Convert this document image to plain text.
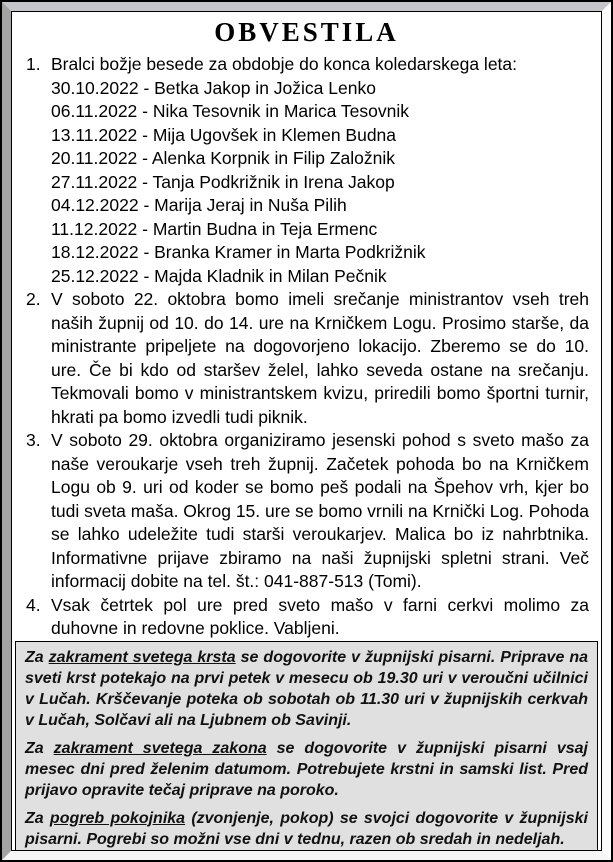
OBVESTILA
1. Bralci božje besede za obdobje do konca koledarskega leta:
30.10.2022 - Betka Jakop in Jožica Lenko
06.11.2022 - Nika Tesovnik in Marica Tesovnik
13.11.2022 - Mija Ugovšek in Klemen Budna
20.11.2022 - Alenka Korpnik in Filip Založnik
27.11.2022 - Tanja Podkrižnik in Irena Jakop
04.12.2022 - Marija Jeraj in Nuša Pilih
11.12.2022 - Martin Budna in Teja Ermenc
18.12.2022 - Branka Kramer in Marta Podkrižnik
25.12.2022 - Majda Kladnik in Milan Pečnik
2. V soboto 22. oktobra bomo imeli srečanje ministrantov vseh treh naših župnij od 10. do 14. ure na Krničkem Logu. Prosimo starše, da ministrante pripeljete na dogovorjeno lokacijo. Zberemo se do 10. ure. Če bi kdo od staršev želel, lahko seveda ostane na srečanju. Tekmovali bomo v ministrantskem kvizu, priredili bomo športni turnir, hkrati pa bomo izvedli tudi piknik.
3. V soboto 29. oktobra organiziramo jesenski pohod s sveto mašo za naše veroukarje vseh treh župnij. Začetek pohoda bo na Krničkem Logu ob 9. uri od koder se bomo peš podali na Špehov vrh, kjer bo tudi sveta maša. Okrog 15. ure se bomo vrnili na Krnički Log. Pohoda se lahko udeležite tudi starši veroukarjev. Malica bo iz nahrbtnika. Informativne prijave zbiramo na naši župnijski spletni strani. Več informacij dobite na tel. št.: 041-887-513 (Tomi).
4. Vsak četrtek pol ure pred sveto mašo v farni cerkvi molimo za duhovne in redovne poklice. Vabljeni.

Za zakrament svetega krsta se dogovorite v župnijski pisarni. Priprave na sveti krst potekajo na prvi petek v mesecu ob 19.30 uri v veroučni učilnici v Lučah. Krščevanje poteka ob sobotah ob 11.30 uri v župnijskih cerkvah v Lučah, Solčavi ali na Ljubnem ob Savinji.

Za zakrament svetega zakona se dogovorite v župnijski pisarni vsaj mesec dni pred želenim datumom. Potrebujete krstni in samski list. Pred prijavo opravite tečaj priprave na poroko.

Za pogreb pokojnika (zvonjenje, pokop) se svojci dogovorite v župnijski pisarni. Pogrebi so možni vse dni v tednu, razen ob sredah in nedeljah.
